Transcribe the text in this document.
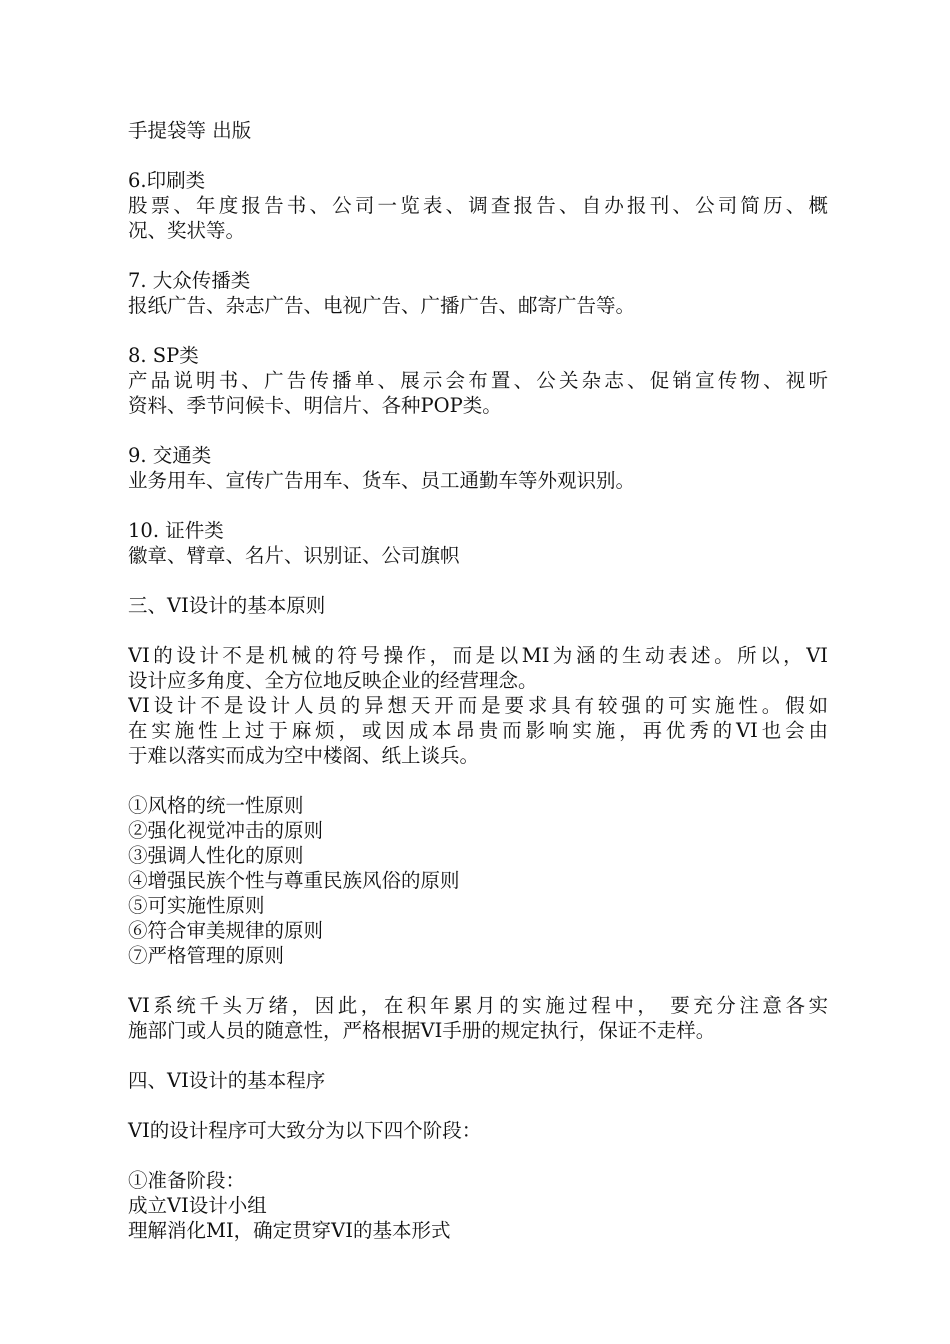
手提袋等 出版
6.印刷类
股票、年度报告书、公司一览表、调查报告、自办报刊、公司简历、概
况、奖状等。
7. 大众传播类
报纸广告、杂志广告、电视广告、广播广告、邮寄广告等。
8. SP类
产品说明书、广告传播单、展示会布置、公关杂志、促销宣传物、视听
资料、季节问候卡、明信片、各种POP类。
9. 交通类
业务用车、宣传广告用车、货车、员工通勤车等外观识别。
10. 证件类
徽章、臂章、名片、识别证、公司旗帜
三、VI设计的基本原则
VI的设计不是机械的符号操作，而是以MI为涵的生动表述。所以，VI
设计应多角度、全方位地反映企业的经营理念。
VI设计不是设计人员的异想天开而是要求具有较强的可实施性。假如
在实施性上过于麻烦，或因成本昂贵而影响实施，再优秀的VI也会由
于难以落实而成为空中楼阁、纸上谈兵。
①风格的统一性原则
②强化视觉冲击的原则
③强调人性化的原则
④增强民族个性与尊重民族风俗的原则
⑤可实施性原则
⑥符合审美规律的原则
⑦严格管理的原则
VI系统千头万绪，因此，在积年累月的实施过程中， 要充分注意各实
施部门或人员的随意性，严格根据VI手册的规定执行，保证不走样。
四、VI设计的基本程序
VI的设计程序可大致分为以下四个阶段：
①准备阶段：
成立VI设计小组
理解消化MI，确定贯穿VI的基本形式
